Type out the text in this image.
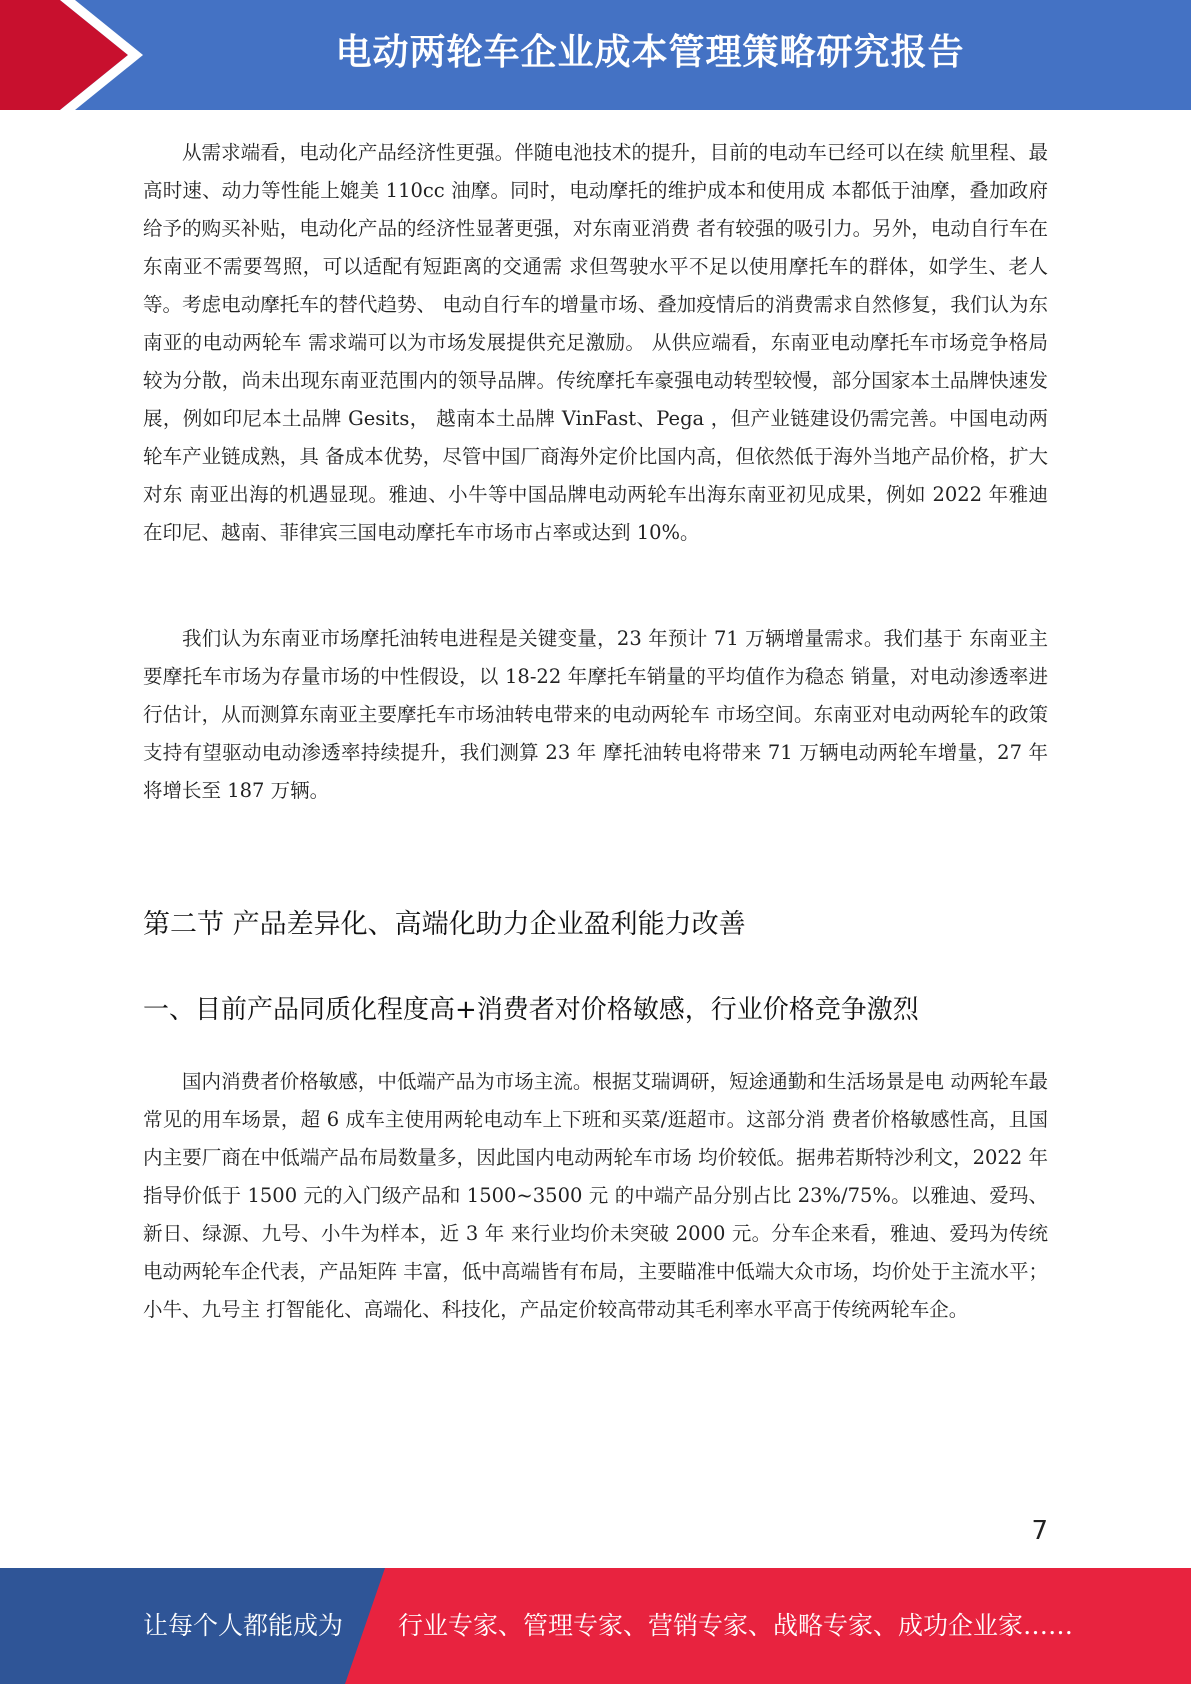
电动两轮车企业成本管理策略研究报告

从需求端看，电动化产品经济性更强。伴随电池技术的提升，目前的电动车已经可以在续 航里程、最高时速、动力等性能上媲美 110cc 油摩。同时，电动摩托的维护成本和使用成 本都低于油摩，叠加政府给予的购买补贴，电动化产品的经济性显著更强，对东南亚消费 者有较强的吸引力。另外，电动自行车在东南亚不需要驾照，可以适配有短距离的交通需 求但驾驶水平不足以使用摩托车的群体，如学生、老人等。考虑电动摩托车的替代趋势、 电动自行车的增量市场、叠加疫情后的消费需求自然修复，我们认为东南亚的电动两轮车 需求端可以为市场发展提供充足激励。 从供应端看，东南亚电动摩托车市场竞争格局较为分散，尚未出现东南亚范围内的领导品牌。传统摩托车豪强电动转型较慢，部分国家本土品牌快速发展，例如印尼本土品牌 Gesits， 越南本土品牌 VinFast、Pega ，但产业链建设仍需完善。中国电动两轮车产业链成熟，具 备成本优势，尽管中国厂商海外定价比国内高，但依然低于海外当地产品价格，扩大对东 南亚出海的机遇显现。雅迪、小牛等中国品牌电动两轮车出海东南亚初见成果，例如 2022 年雅迪在印尼、越南、菲律宾三国电动摩托车市场市占率或达到 10%。

我们认为东南亚市场摩托油转电进程是关键变量，23 年预计 71 万辆增量需求。我们基于 东南亚主要摩托车市场为存量市场的中性假设，以 18-22 年摩托车销量的平均值作为稳态 销量，对电动渗透率进行估计，从而测算东南亚主要摩托车市场油转电带来的电动两轮车 市场空间。东南亚对电动两轮车的政策支持有望驱动电动渗透率持续提升，我们测算 23 年 摩托油转电将带来 71 万辆电动两轮车增量，27 年将增长至 187 万辆。

第二节 产品差异化、高端化助力企业盈利能力改善
一、目前产品同质化程度高+消费者对价格敏感，行业价格竞争激烈

国内消费者价格敏感，中低端产品为市场主流。根据艾瑞调研，短途通勤和生活场景是电 动两轮车最常见的用车场景，超 6 成车主使用两轮电动车上下班和买菜/逛超市。这部分消 费者价格敏感性高，且国内主要厂商在中低端产品布局数量多，因此国内电动两轮车市场 均价较低。据弗若斯特沙利文，2022 年指导价低于 1500 元的入门级产品和 1500~3500 元 的中端产品分别占比 23%/75%。以雅迪、爱玛、新日、绿源、九号、小牛为样本，近 3 年 来行业均价未突破 2000 元。分车企来看，雅迪、爱玛为传统电动两轮车企代表，产品矩阵 丰富，低中高端皆有布局，主要瞄准中低端大众市场，均价处于主流水平；小牛、九号主 打智能化、高端化、科技化，产品定价较高带动其毛利率水平高于传统两轮车企。

7
让每个人都能成为 行业专家、管理专家、营销专家、战略专家、成功企业家……
